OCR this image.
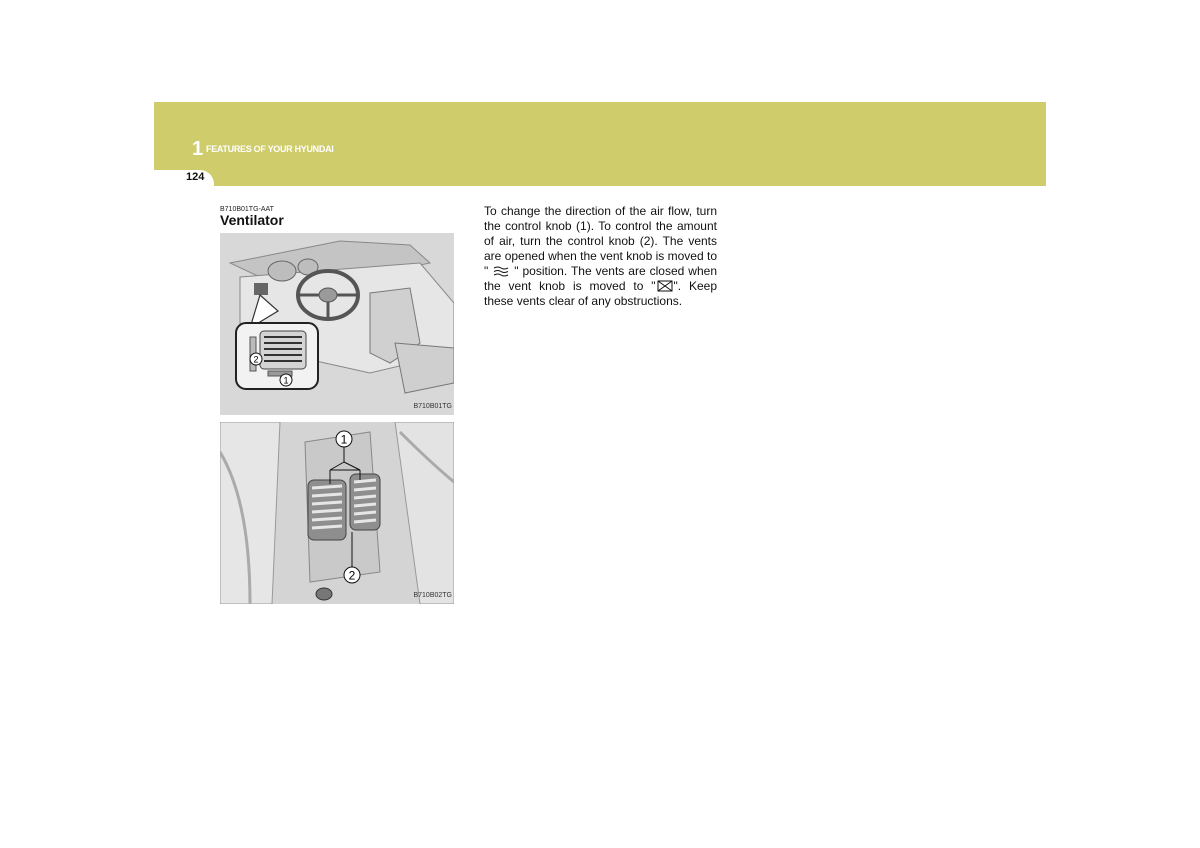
1 FEATURES OF YOUR HYUNDAI
124
B710B01TG-AAT
Ventilator
2
1
B710B01TG
1
2
B710B02TG
To change the direction of the air flow, turn the control knob (1). To control the amount of air, turn the control knob (2). The vents are opened when the vent knob is moved to "  " position. The vents are closed when the vent knob is moved to " ". Keep these vents clear of any obstructions.
